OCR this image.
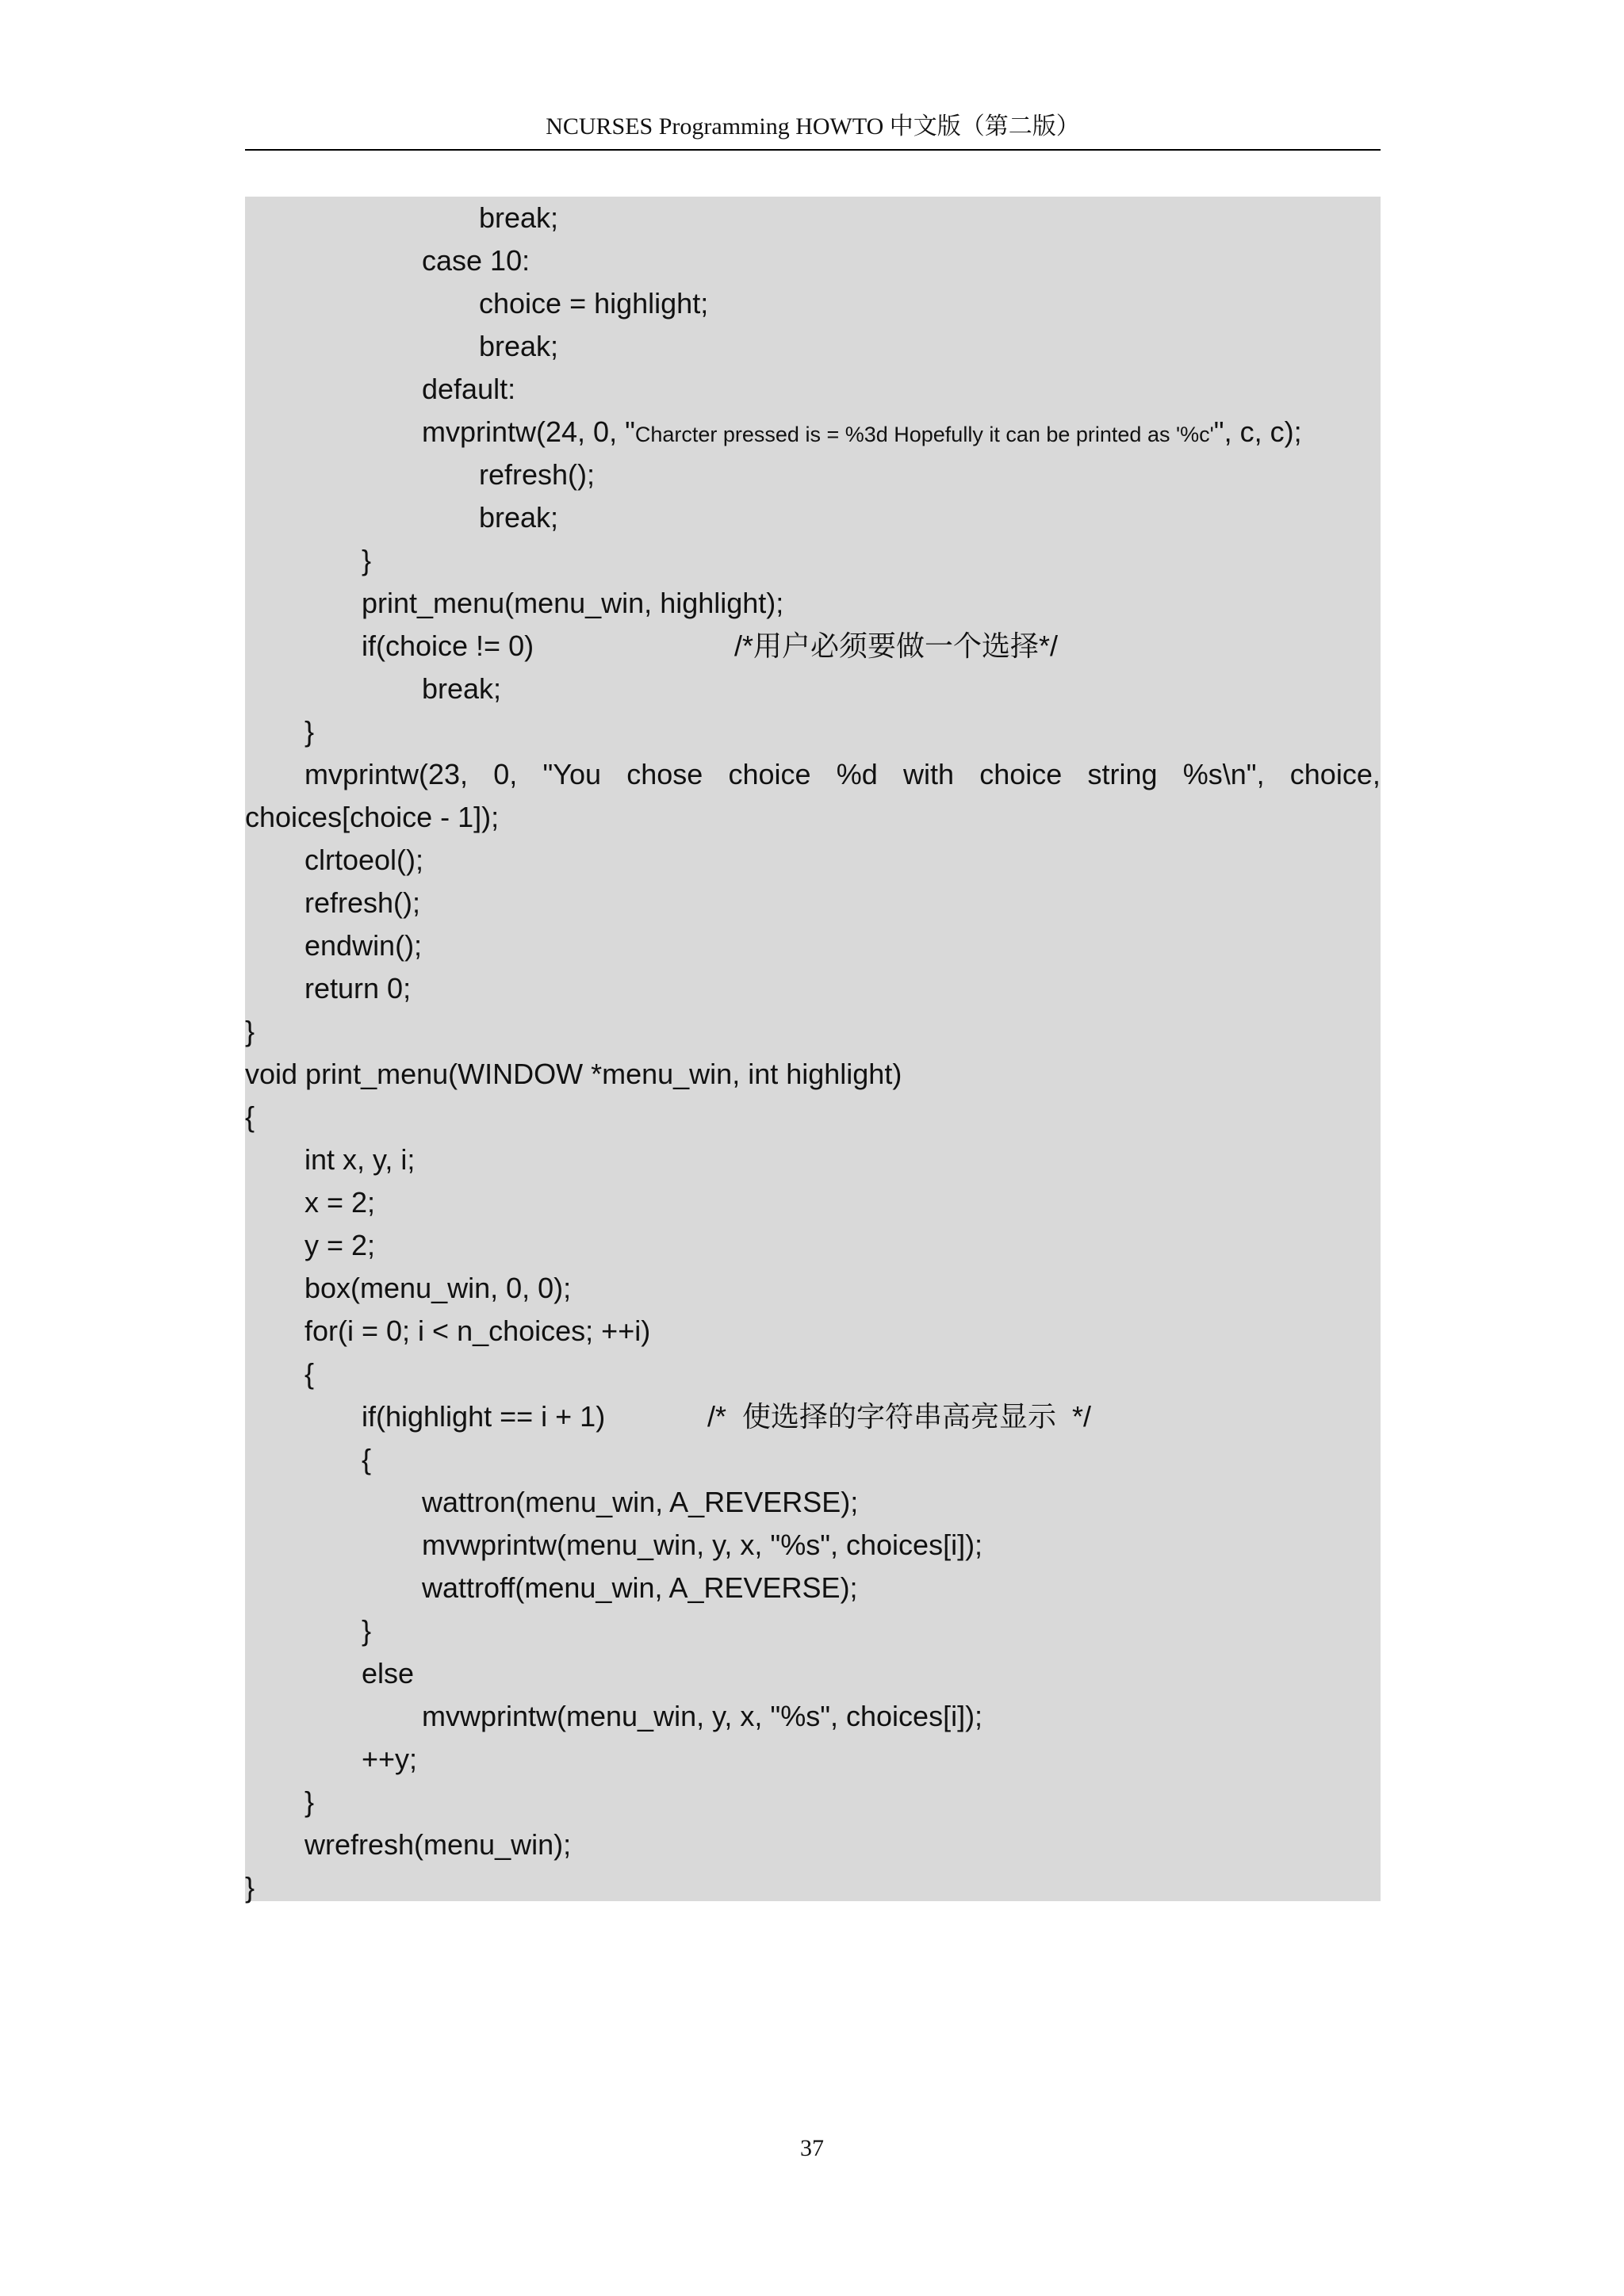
NCURSES Programming HOWTO 中文版（第二版）
break;
case 10:
choice = highlight;
break;
default:
mvprintw(24, 0, "Charcter pressed is = %3d Hopefully it can be printed as '%c'", c, c);
refresh();
break;
}
print_menu(menu_win, highlight);
if(choice != 0)	/*用户必须要做一个选择*/
break;
}
mvprintw(23, 0, "You chose choice %d with choice string %s\n", choice,
choices[choice - 1]);
clrtoeol();
refresh();
endwin();
return 0;
}
void print_menu(WINDOW *menu_win, int highlight)
{
int x, y, i;
x = 2;
y = 2;
box(menu_win, 0, 0);
for(i = 0; i < n_choices; ++i)
{
if(highlight == i + 1)	/*  使选择的字符串高亮显示  */
{
wattron(menu_win, A_REVERSE);
mvwprintw(menu_win, y, x, "%s", choices[i]);
wattroff(menu_win, A_REVERSE);
}
else
mvwprintw(menu_win, y, x, "%s", choices[i]);
++y;
}
wrefresh(menu_win);
}
37
